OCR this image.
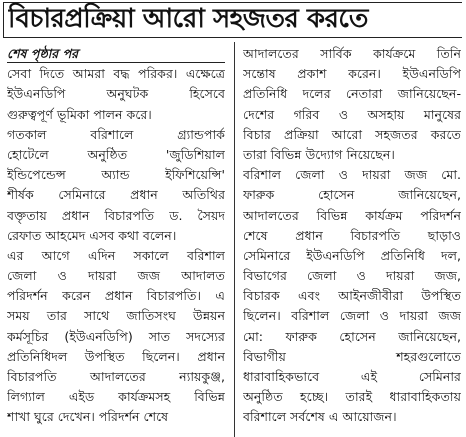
বিচারপ্রক্রিয়া আরো সহজতর করতে
শেষ পৃষ্ঠার পর
সেবা দিতে আমরা বদ্ধ পরিকর। এক্ষেত্রে
ইউএনডিপি অনুঘটক হিসেবে
গুরুত্বপূর্ণ ভূমিকা পালন করে।
গতকাল বরিশালে গ্র্যান্ডপার্ক
হোটেলে অনুষ্ঠিত 'জুডিশিয়াল
ইন্ডিপেন্ডেন্স অ্যান্ড ইফিশিয়েন্সি'
শীর্ষক সেমিনারে প্রধান অতিথির
বক্তৃতায় প্রধান বিচারপতি ড. সৈয়দ
রেফাত আহমেদ এসব কথা বলেন।
এর আগে এদিন সকালে বরিশাল
জেলা ও দায়রা জজ আদালত
পরিদর্শন করেন প্রধান বিচারপতি। এ
সময় তার সাথে জাতিসংঘ উন্নয়ন
কর্মসূচির (ইউএনডিপি) সাত সদস্যের
প্রতিনিধিদল উপস্থিত ছিলেন। প্রধান
বিচারপতি আদালতের ন্যায়কুঞ্জ,
লিগ্যাল এইড কার্যক্রমসহ বিভিন্ন
শাখা ঘুরে দেখেন। পরিদর্শন শেষে
আদালতের সার্বিক কার্যক্রমে তিনি
সন্তোষ প্রকাশ করেন। ইউএনডিপি
প্রতিনিধি দলের নেতারা জানিয়েছেন-
দেশের গরিব ও অসহায় মানুষের
বিচার প্রক্রিয়া আরো সহজতর করতে
তারা বিভিন্ন উদ্যোগ নিয়েছেন।
বরিশাল জেলা ও দায়রা জজ মো.
ফারুক হোসেন জানিয়েছেন,
আদালতের বিভিন্ন কার্যক্রম পরিদর্শন
শেষে প্রধান বিচারপতি ছাড়াও
সেমিনারে ইউএনডিপি প্রতিনিধি দল,
বিভাগের জেলা ও দায়রা জজ,
বিচারক এবং আইনজীবীরা উপস্থিত
ছিলেন। বরিশাল জেলা ও দায়রা জজ
মো: ফারুক হোসেন জানিয়েছেন,
বিভাগীয় শহরগুলোতে
ধারাবাহিকভাবে এই সেমিনার
অনুষ্ঠিত হচ্ছে। তারই ধারাবাহিকতায়
বরিশালে সর্বশেষ এ আয়োজন।
